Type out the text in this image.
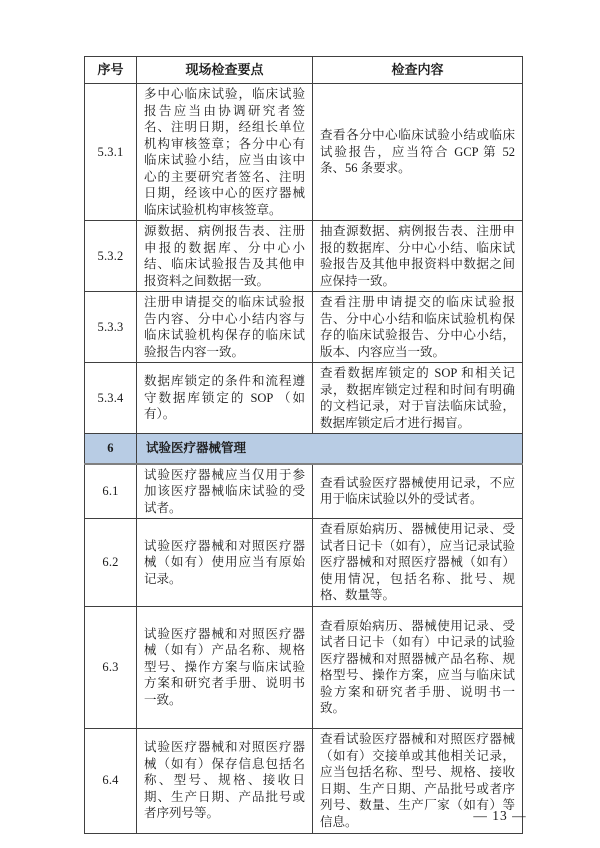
序号	现场检查要点	检查内容
5.3.1	多中心临床试验，临床试验报告应当由协调研究者签名、注明日期，经组长单位机构审核签章；各分中心有临床试验小结，应当由该中心的主要研究者签名、注明日期，经该中心的医疗器械临床试验机构审核签章。	查看各分中心临床试验小结或临床试验报告，应当符合 GCP 第 52 条、56 条要求。
5.3.2	源数据、病例报告表、注册申报的数据库、分中心小结、临床试验报告及其他申报资料之间数据一致。	抽查源数据、病例报告表、注册申报的数据库、分中心小结、临床试验报告及其他申报资料中数据之间应保持一致。
5.3.3	注册申请提交的临床试验报告内容、分中心小结内容与临床试验机构保存的临床试验报告内容一致。	查看注册申请提交的临床试验报告、分中心小结和临床试验机构保存的临床试验报告、分中心小结，版本、内容应当一致。
5.3.4	数据库锁定的条件和流程遵守数据库锁定的 SOP （如有）。	查看数据库锁定的 SOP 和相关记录，数据库锁定过程和时间有明确的文档记录，对于盲法临床试验，数据库锁定后才进行揭盲。
6	试验医疗器械管理	
6.1	试验医疗器械应当仅用于参加该医疗器械临床试验的受试者。	查看试验医疗器械使用记录，不应用于临床试验以外的受试者。
6.2	试验医疗器械和对照医疗器械（如有）使用应当有原始记录。	查看原始病历、器械使用记录、受试者日记卡（如有），应当记录试验医疗器械和对照医疗器械（如有）使用情况，包括名称、批号、规格、数量等。
6.3	试验医疗器械和对照医疗器械（如有）产品名称、规格型号、操作方案与临床试验方案和研究者手册、说明书一致。	查看原始病历、器械使用记录、受试者日记卡（如有）中记录的试验医疗器械和对照器械产品名称、规格型号、操作方案，应当与临床试验方案和研究者手册、说明书一致。
6.4	试验医疗器械和对照医疗器械（如有）保存信息包括名称、型号、规格、接收日期、生产日期、产品批号或者序列号等。	查看试验医疗器械和对照医疗器械（如有）交接单或其他相关记录，应当包括名称、型号、规格、接收日期、生产日期、产品批号或者序列号、数量、生产厂家（如有）等信息。	— 13 —
